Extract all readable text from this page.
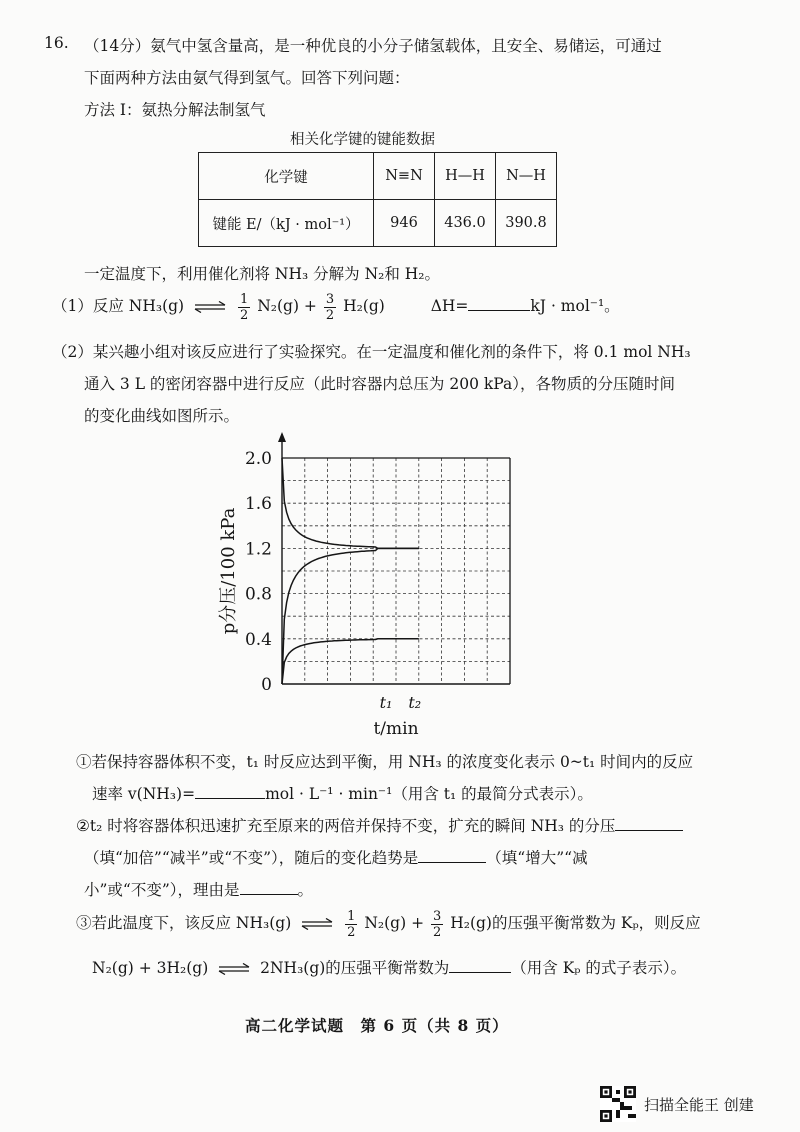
16. （14分）氨气中氢含量高，是一种优良的小分子储氢载体，且安全、易储运，可通过
下面两种方法由氨气得到氢气。回答下列问题：
方法 I：氨热分解法制氢气
相关化学键的键能数据
化学键	N≡N	H—H	N—H
键能 E/（kJ · mol⁻¹）	946	436.0	390.8
一定温度下，利用催化剂将 NH₃ 分解为 N₂和 H₂。
（1）反应 NH₃(g) ⇌ $\frac{1}{2} N_2(g) + \frac{3}{2} H_2(g)$	ΔH=	kJ · mol⁻¹。
（2）某兴趣小组对该反应进行了实验探究。在一定温度和催化剂的条件下，将 0.1 mol NH₃
通入 3 L 的密闭容器中进行反应（此时容器内总压为 200 kPa），各物质的分压随时间
的变化曲线如图所示。
0
0.4
0.8
1.2
1.6
2.0
t₁ t₂
t/min
p分压/100 kPa
①若保持容器体积不变，t₁ 时反应达到平衡，用 NH₃ 的浓度变化表示 0~t₁ 时间内的反应
速率 v(NH₃)=	mol · L⁻¹ · min⁻¹（用含 t₁ 的最简分式表示）。
②t₂ 时将容器体积迅速扩充至原来的两倍并保持不变，扩充的瞬间 NH₃ 的分压
（填“加倍”“减半”或“不变”），随后的变化趋势是	（填“增大”“减
小”或“不变”），理由是	。
③若此温度下，该反应 NH₃(g) ⇌ $\frac{1}{2} N_2(g) + \frac{3}{2} H_2(g)$的压强平衡常数为 Kₚ，则反应
N₂(g) + 3H₂(g) ⇌ 2NH₃(g)的压强平衡常数为	（用含 Kₚ 的式子表示）。
高二化学试题　第 6 页（共 8 页）
扫描全能王 创建
